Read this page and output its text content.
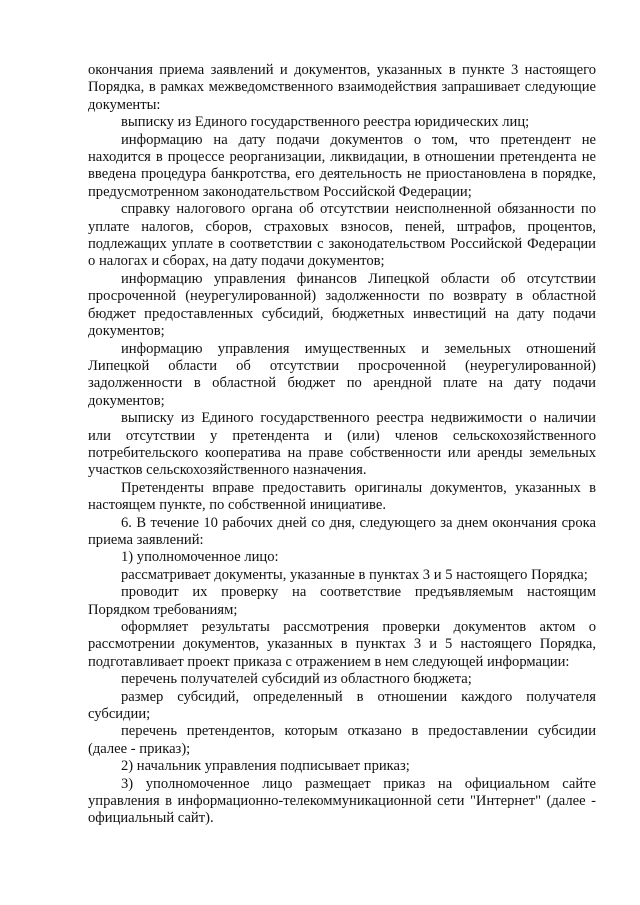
окончания приема заявлений и документов, указанных в пункте 3 настоящего Порядка, в рамках межведомственного взаимодействия запрашивает следующие документы:

выписку из Единого государственного реестра юридических лиц;

информацию на дату подачи документов о том, что претендент не находится в процессе реорганизации, ликвидации, в отношении претендента не введена процедура банкротства, его деятельность не приостановлена в порядке, предусмотренном законодательством Российской Федерации;

справку налогового органа об отсутствии неисполненной обязанности по уплате налогов, сборов, страховых взносов, пеней, штрафов, процентов, подлежащих уплате в соответствии с законодательством Российской Федерации о налогах и сборах, на дату подачи документов;

информацию управления финансов Липецкой области об отсутствии просроченной (неурегулированной) задолженности по возврату в областной бюджет предоставленных субсидий, бюджетных инвестиций на дату подачи документов;

информацию управления имущественных и земельных отношений Липецкой области об отсутствии просроченной (неурегулированной) задолженности в областной бюджет по арендной плате на дату подачи документов;

выписку из Единого государственного реестра недвижимости о наличии или отсутствии у претендента и (или) членов сельскохозяйственного потребительского кооператива на праве собственности или аренды земельных участков сельскохозяйственного назначения.

Претенденты вправе предоставить оригиналы документов, указанных в настоящем пункте, по собственной инициативе.

6. В течение 10 рабочих дней со дня, следующего за днем окончания срока приема заявлений:

1) уполномоченное лицо:

рассматривает документы, указанные в пунктах 3 и 5 настоящего Порядка;

проводит их проверку на соответствие предъявляемым настоящим Порядком требованиям;

оформляет результаты рассмотрения проверки документов актом о рассмотрении документов, указанных в пунктах 3 и 5 настоящего Порядка, подготавливает проект приказа с отражением в нем следующей информации:

перечень получателей субсидий из областного бюджета;

размер субсидий, определенный в отношении каждого получателя субсидии;

перечень претендентов, которым отказано в предоставлении субсидии (далее - приказ);

2) начальник управления подписывает приказ;

3) уполномоченное лицо размещает приказ на официальном сайте управления в информационно-телекоммуникационной сети "Интернет" (далее - официальный сайт).
